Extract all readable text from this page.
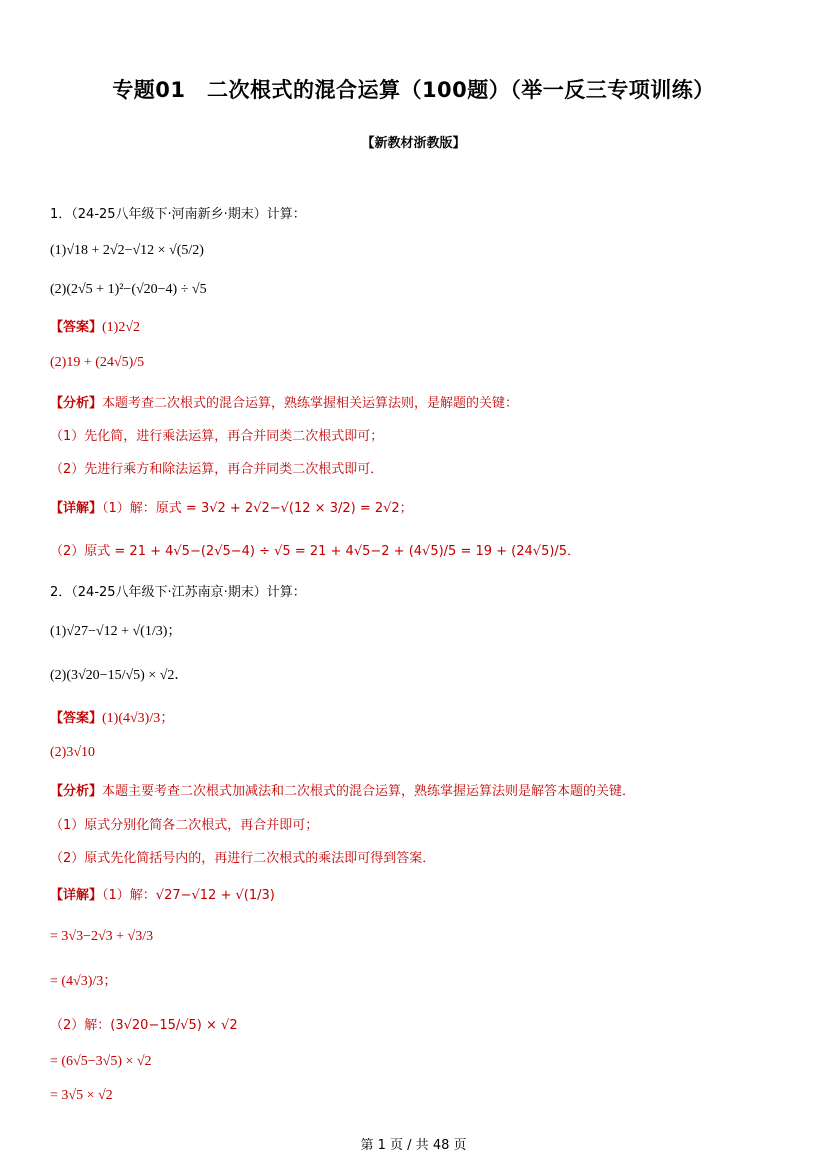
专题01　二次根式的混合运算（100题）（举一反三专项训练）
【新教材浙教版】
1．（24-25八年级下·河南新乡·期末）计算：
(1)√18 + 2√2−√12 × √(5/2)
(2)(2√5 + 1)²−(√20−4) ÷ √5
【答案】(1)2√2
(2)19 + (24√5)/5
【分析】本题考查二次根式的混合运算，熟练掌握相关运算法则，是解题的关键：
（1）先化简，进行乘法运算，再合并同类二次根式即可；
（2）先进行乘方和除法运算，再合并同类二次根式即可．
【详解】（1）解：原式 = 3√2 + 2√2−√(12 × 3/2) = 2√2；
（2）原式 = 21 + 4√5−(2√5−4) ÷ √5 = 21 + 4√5−2 + (4√5)/5 = 19 + (24√5)/5．
2．（24-25八年级下·江苏南京·期末）计算：
(1)√27−√12 + √(1/3)；
(2)(3√20−15/√5) × √2．
【答案】(1)(4√3)/3；
(2)3√10
【分析】本题主要考查二次根式加减法和二次根式的混合运算，熟练掌握运算法则是解答本题的关键．
（1）原式分别化简各二次根式，再合并即可；
（2）原式先化简括号内的，再进行二次根式的乘法即可得到答案．
【详解】（1）解：√27−√12 + √(1/3)
= 3√3−2√3 + √3/3
= (4√3)/3；
（2）解：(3√20−15/√5) × √2
= (6√5−3√5) × √2
= 3√5 × √2
第 1 页 / 共 48 页
